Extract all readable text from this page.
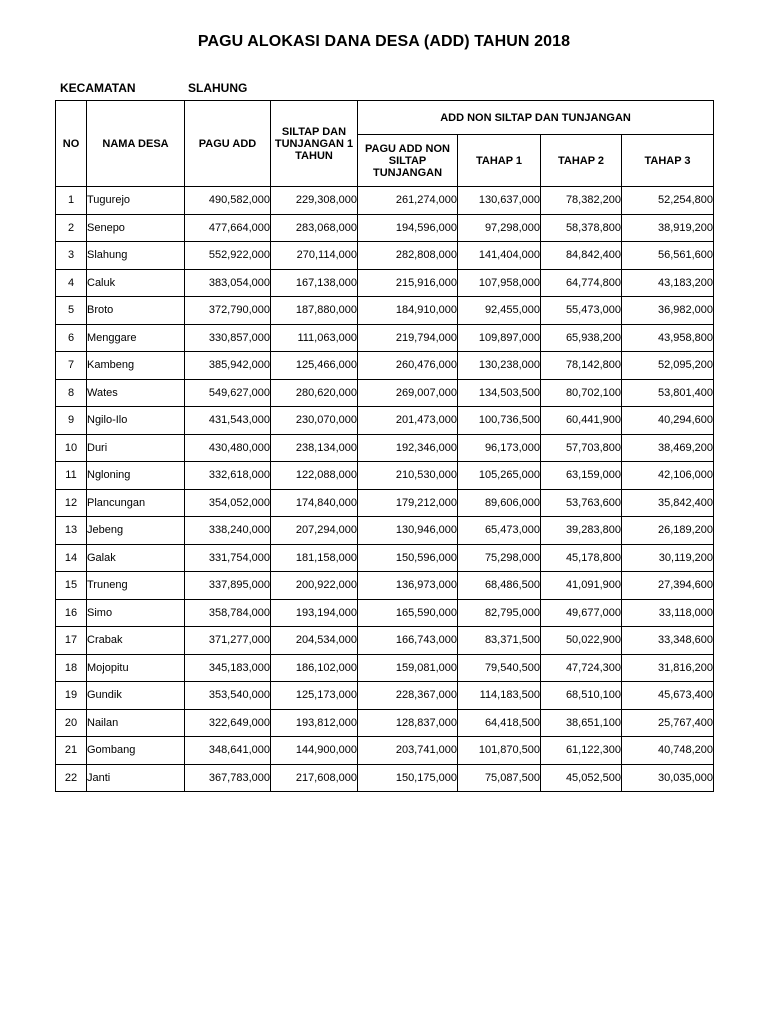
PAGU ALOKASI DANA DESA (ADD) TAHUN 2018
KECAMATAN	SLAHUNG
NO	NAMA DESA	PAGU ADD	SILTAP DAN TUNJANGAN 1 TAHUN	ADD NON SILTAP DAN TUNJANGAN			
				PAGU ADD NON SILTAP TUNJANGAN	TAHAP 1	TAHAP 2	TAHAP 3
1	Tugurejo	490,582,000	229,308,000	261,274,000	130,637,000	78,382,200	52,254,800
2	Senepo	477,664,000	283,068,000	194,596,000	97,298,000	58,378,800	38,919,200
3	Slahung	552,922,000	270,114,000	282,808,000	141,404,000	84,842,400	56,561,600
4	Caluk	383,054,000	167,138,000	215,916,000	107,958,000	64,774,800	43,183,200
5	Broto	372,790,000	187,880,000	184,910,000	92,455,000	55,473,000	36,982,000
6	Menggare	330,857,000	111,063,000	219,794,000	109,897,000	65,938,200	43,958,800
7	Kambeng	385,942,000	125,466,000	260,476,000	130,238,000	78,142,800	52,095,200
8	Wates	549,627,000	280,620,000	269,007,000	134,503,500	80,702,100	53,801,400
9	Ngilo-Ilo	431,543,000	230,070,000	201,473,000	100,736,500	60,441,900	40,294,600
10	Duri	430,480,000	238,134,000	192,346,000	96,173,000	57,703,800	38,469,200
11	Ngloning	332,618,000	122,088,000	210,530,000	105,265,000	63,159,000	42,106,000
12	Plancungan	354,052,000	174,840,000	179,212,000	89,606,000	53,763,600	35,842,400
13	Jebeng	338,240,000	207,294,000	130,946,000	65,473,000	39,283,800	26,189,200
14	Galak	331,754,000	181,158,000	150,596,000	75,298,000	45,178,800	30,119,200
15	Truneng	337,895,000	200,922,000	136,973,000	68,486,500	41,091,900	27,394,600
16	Simo	358,784,000	193,194,000	165,590,000	82,795,000	49,677,000	33,118,000
17	Crabak	371,277,000	204,534,000	166,743,000	83,371,500	50,022,900	33,348,600
18	Mojopitu	345,183,000	186,102,000	159,081,000	79,540,500	47,724,300	31,816,200
19	Gundik	353,540,000	125,173,000	228,367,000	114,183,500	68,510,100	45,673,400
20	Nailan	322,649,000	193,812,000	128,837,000	64,418,500	38,651,100	25,767,400
21	Gombang	348,641,000	144,900,000	203,741,000	101,870,500	61,122,300	40,748,200
22	Janti	367,783,000	217,608,000	150,175,000	75,087,500	45,052,500	30,035,000
